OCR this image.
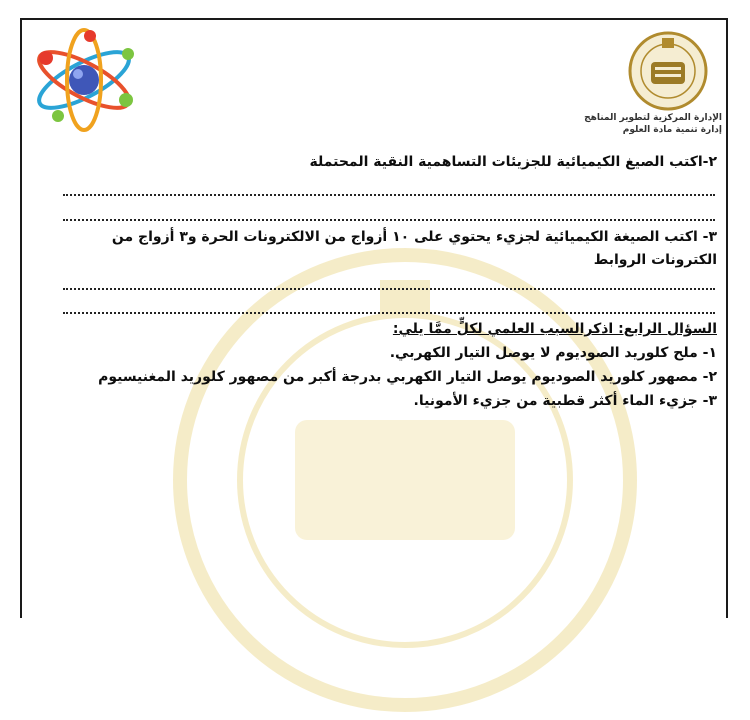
الإدارة المركزية لتطوير المناهج
إدارة تنمية مادة العلوم
٢-اكتب الصيغ الكيميائية للجزيئات التساهمية النقية المحتملة
٣- اكتب الصيغة الكيميائية لجزيء يحتوي على ١٠ أزواج من الالكترونات الحرة و٣ أزواج من
الكترونات الروابط
السؤال الرابع: اذكرالسبب العلمي لكلٍّ ممَّا يلي:
١- ملح كلوريد الصوديوم لا يوصل التيار الكهربي.
٢- مصهور كلوريد الصوديوم يوصل التيار الكهربي بدرجة أكبر من مصهور كلوريد المغنيسيوم
٣- جزيء الماء أكثر قطبية من جزيء الأمونيا.
